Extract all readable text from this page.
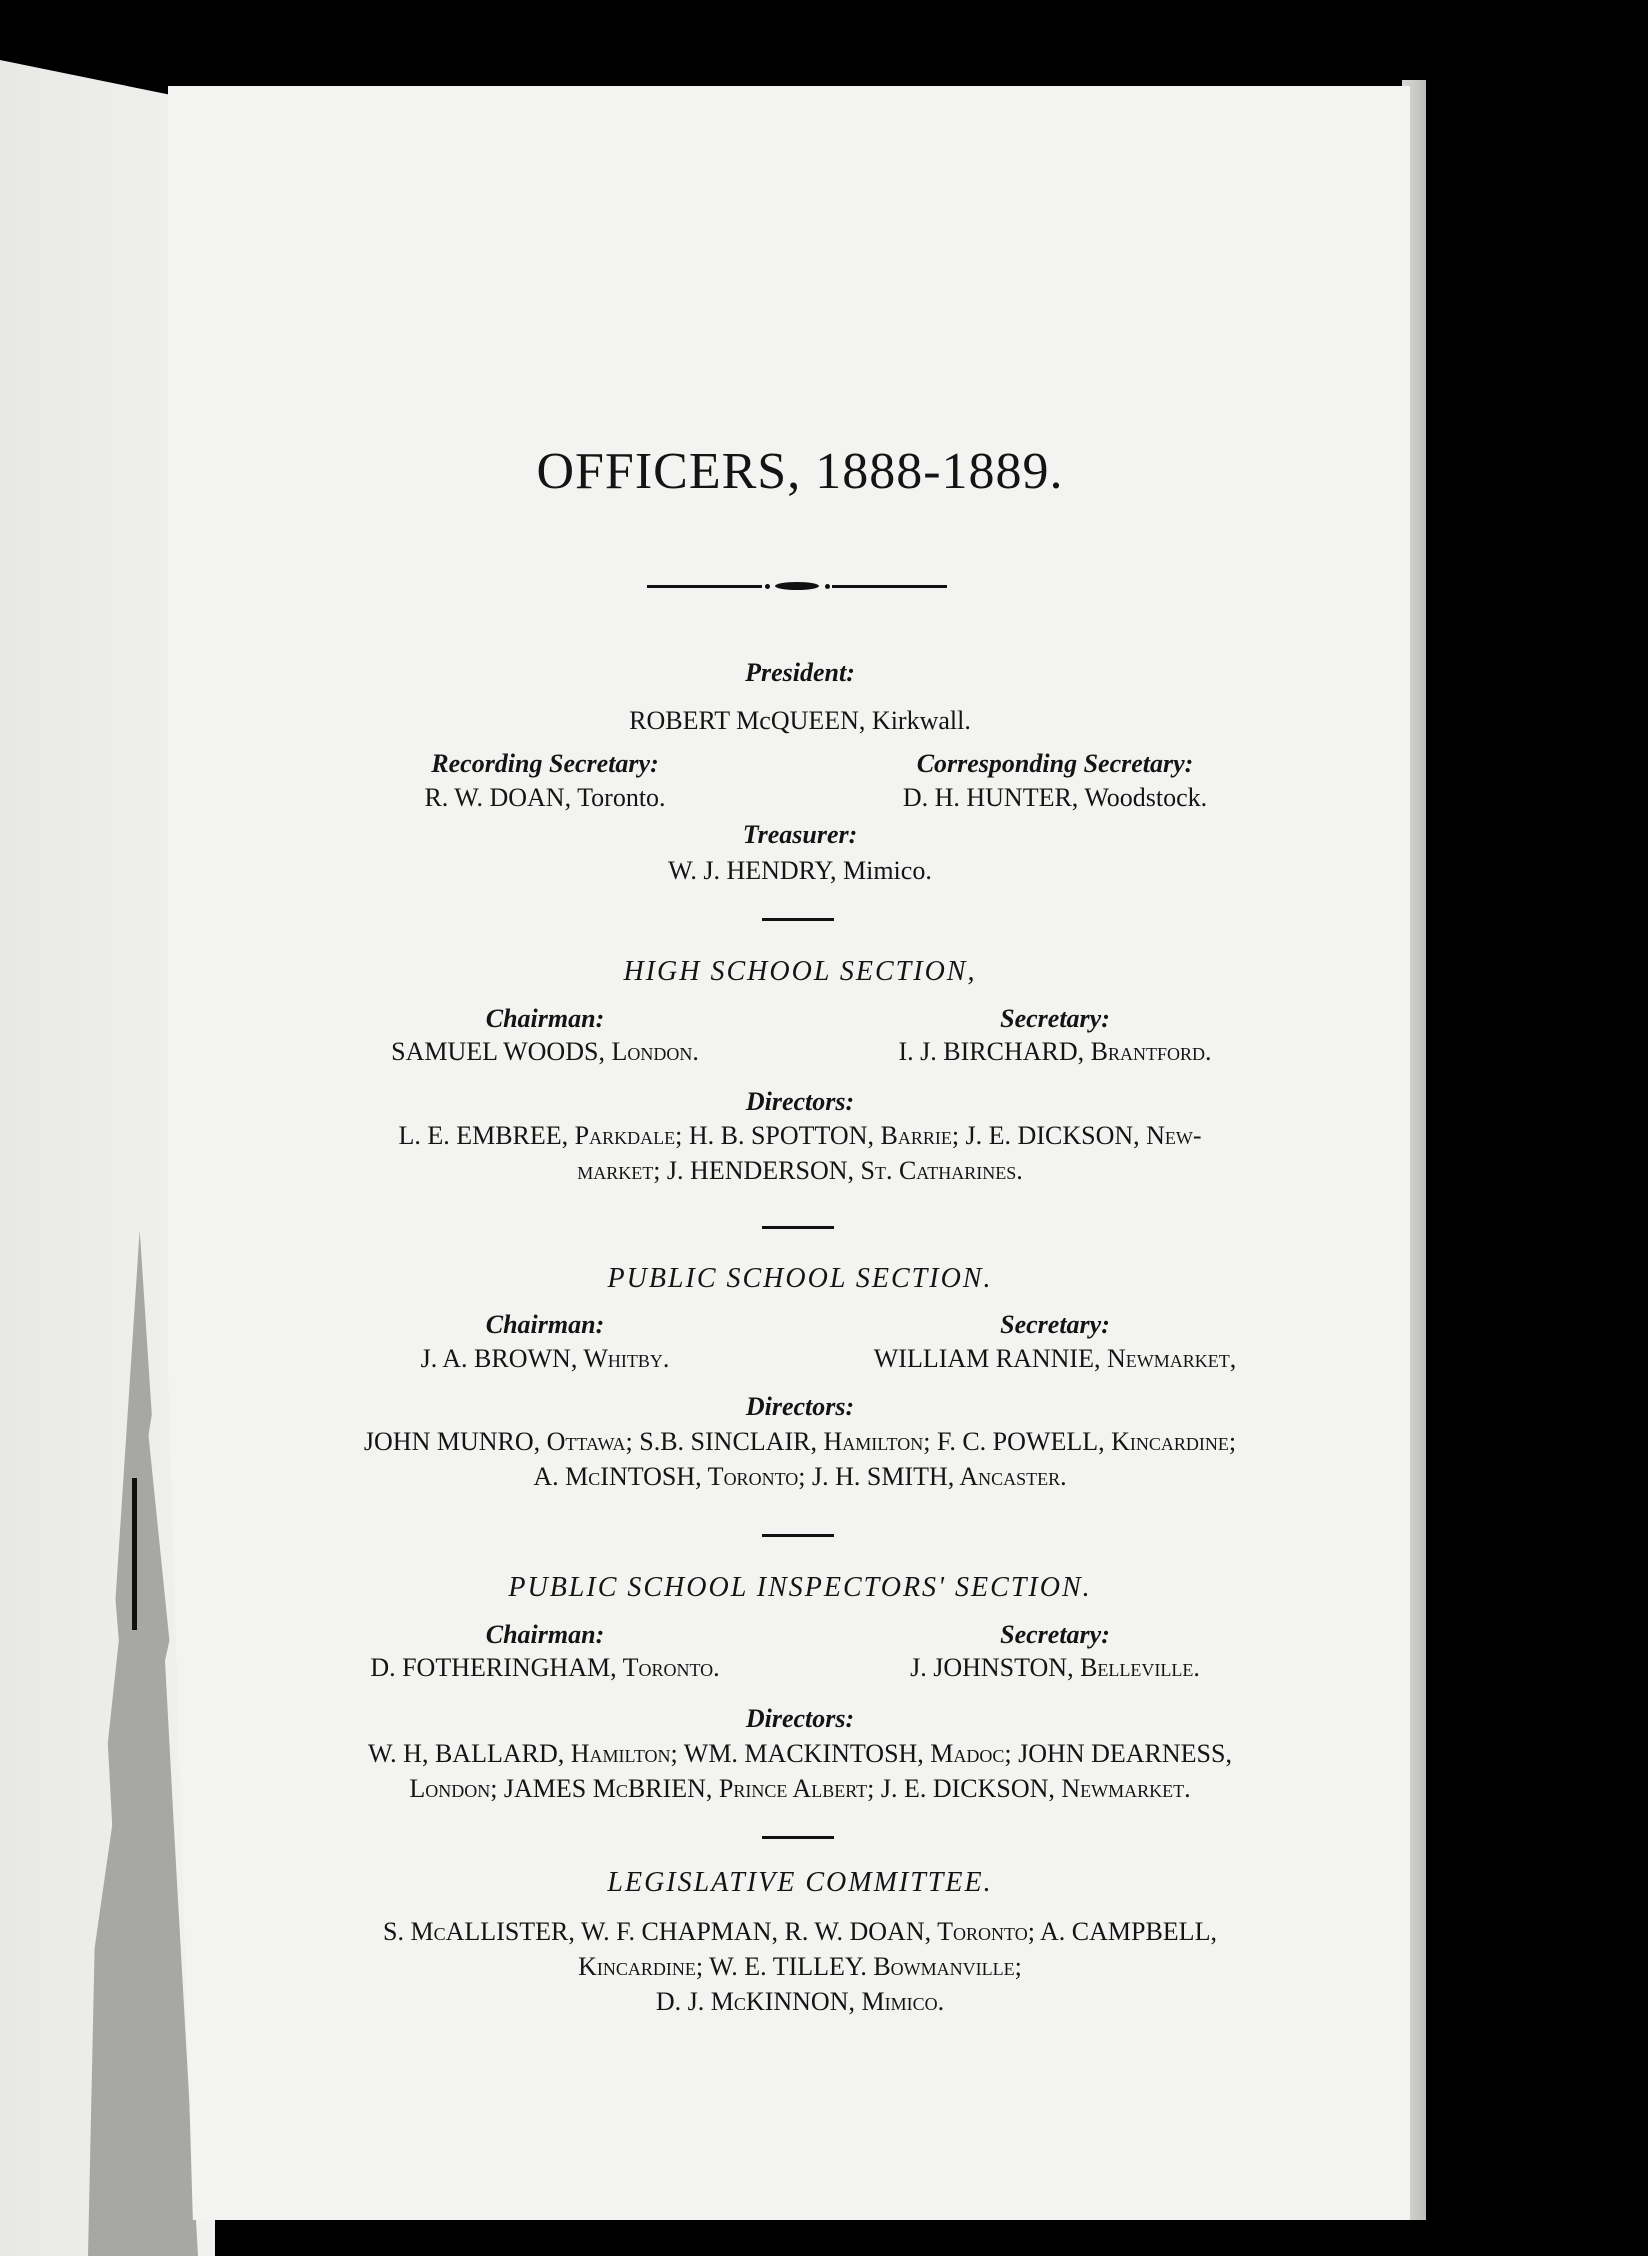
OFFICERS, 1888-1889.
President:
ROBERT McQUEEN, Kirkwall.
Recording Secretary:	Corresponding Secretary:
R. W. DOAN, Toronto.	D. H. HUNTER, Woodstock.
Treasurer:
W. J. HENDRY, Mimico.
HIGH SCHOOL SECTION,
Chairman:	Secretary:
SAMUEL WOODS, London.	I. J. BIRCHARD, Brantford.
Directors:
L. E. EMBREE, Parkdale; H. B. SPOTTON, Barrie; J. E. DICKSON, New-
market; J. HENDERSON, St. Catharines.
PUBLIC SCHOOL SECTION.
Chairman:	Secretary:
J. A. BROWN, Whitby.	WILLIAM RANNIE, Newmarket,
Directors:
JOHN MUNRO, Ottawa; S.B. SINCLAIR, Hamilton; F. C. POWELL, Kincardine;
A. McINTOSH, Toronto; J. H. SMITH, Ancaster.
PUBLIC SCHOOL INSPECTORS' SECTION.
Chairman:	Secretary:
D. FOTHERINGHAM, Toronto.	J. JOHNSTON, Belleville.
Directors:
W. H, BALLARD, Hamilton; WM. MACKINTOSH, Madoc; JOHN DEARNESS,
London; JAMES McBRIEN, Prince Albert; J. E. DICKSON, Newmarket.
LEGISLATIVE COMMITTEE.
S. McALLISTER, W. F. CHAPMAN, R. W. DOAN, Toronto; A. CAMPBELL,
Kincardine; W. E. TILLEY. Bowmanville;
D. J. McKINNON, Mimico.
